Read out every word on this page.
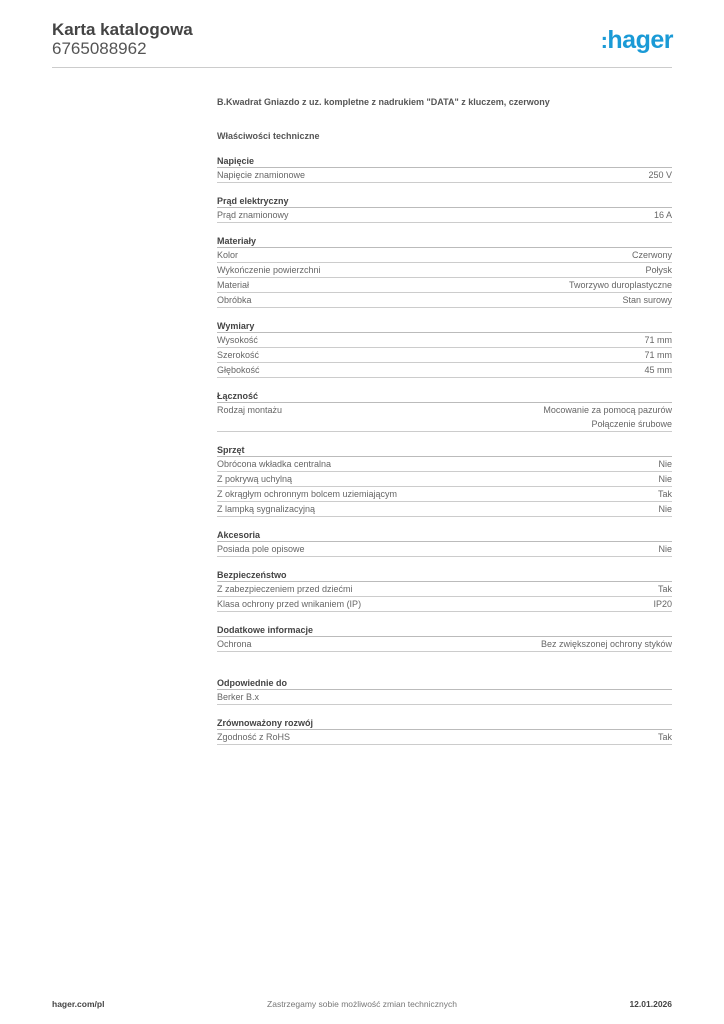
Karta katalogowa
6765088962	:hager
B.Kwadrat Gniazdo z uz. kompletne z nadrukiem "DATA" z kluczem, czerwony
Właściwości techniczne
Napięcie
Napięcie znamionowe	250 V
Prąd elektryczny
Prąd znamionowy	16 A
Materiały
Kolor	Czerwony
Wykończenie powierzchni	Połysk
Materiał	Tworzywo duroplastyczne
Obróbka	Stan surowy
Wymiary
Wysokość	71 mm
Szerokość	71 mm
Głębokość	45 mm
Łączność
Rodzaj montażu	Mocowanie za pomocą pazurów
Połączenie śrubowe
Sprzęt
Obrócona wkładka centralna	Nie
Z pokrywą uchylną	Nie
Z okrągłym ochronnym bolcem uziemiającym	Tak
Z lampką sygnalizacyjną	Nie
Akcesoria
Posiada pole opisowe	Nie
Bezpieczeństwo
Z zabezpieczeniem przed dziećmi	Tak
Klasa ochrony przed wnikaniem (IP)	IP20
Dodatkowe informacje
Ochrona	Bez zwiększonej ochrony styków
Odpowiednie do
Berker B.x
Zrównoważony rozwój
Zgodność z RoHS	Tak
hager.com/pl	Zastrzegamy sobie możliwość zmian technicznych	12.01.2026
